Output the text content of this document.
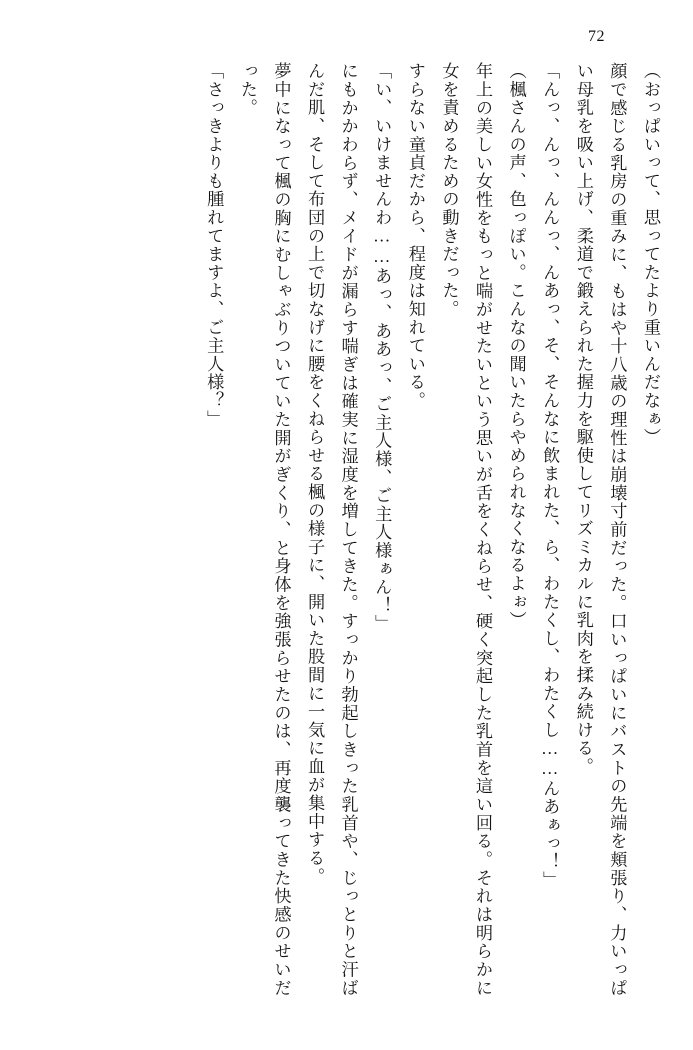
72

（おっぱいって、思ってたより重いんだなぁ）

顔で感じる乳房の重みに、もはや十八歳の理性は崩壊寸前だった。口いっぱいにバストの先端を頬張り、力いっぱい母乳を吸い上げ、柔道で鍛えられた握力を駆使してリズミカルに乳肉を揉み続ける。

「んっ、んっ、んんっ、んあっ、そ、そんなに飲まれた、ら、わたくし、わたくし……んあぁっ！」

（楓さんの声、色っぽい。こんなの聞いたらやめられなくなるよぉ）

年上の美しい女性をもっと喘がせたいという思いが舌をくねらせ、硬く突起した乳首を這い回る。それは明らかに女を責めるための動きだった。

すらない童貞だから、程度は知れている。

「い、いけませんわ……あっ、ああっ、ご主人様、ご主人様ぁん！」

にもかかわらず、メイドが漏らす喘ぎは確実に湿度を増してきた。すっかり勃起しきった乳首や、じっとりと汗ばんだ肌、そして布団の上で切なげに腰をくねらせる楓の様子に、開いた股間に一気に血が集中する。

夢中になって楓の胸にむしゃぶりついていた開がぎくり、と身体を強張らせたのは、再度襲ってきた快感のせいだった。

「さっきよりも腫れてますよ、ご主人様？」
